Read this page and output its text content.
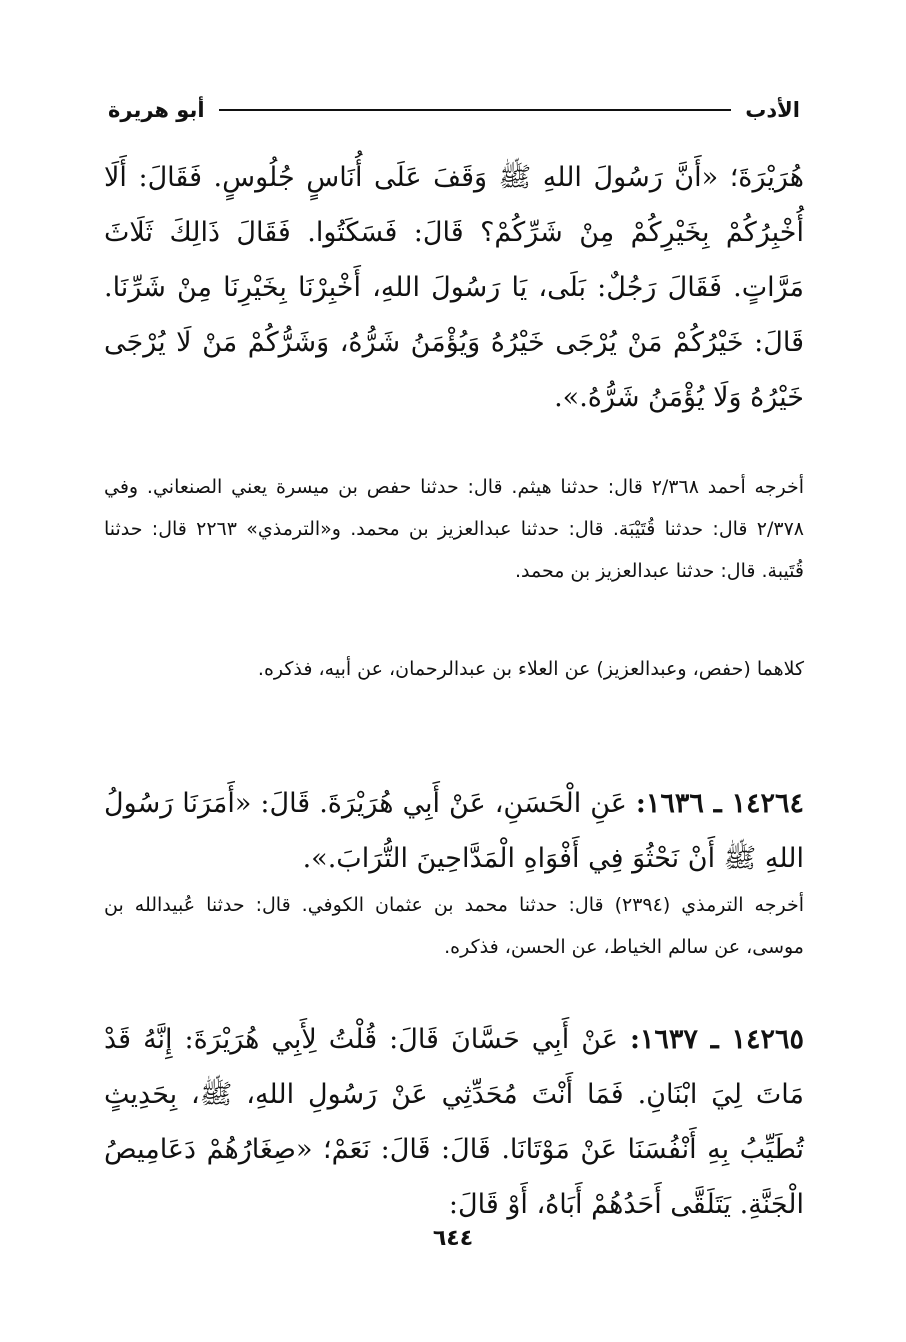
الأدب
أبو هريرة

هُرَيْرَةَ؛ «أَنَّ رَسُولَ اللهِ ﷺ وَقَفَ عَلَى أُنَاسٍ جُلُوسٍ. فَقَالَ: أَلَا أُخْبِرُكُمْ بِخَيْرِكُمْ مِنْ شَرِّكُمْ؟ قَالَ: فَسَكَتُوا. فَقَالَ ذَالِكَ ثَلَاثَ مَرَّاتٍ. فَقَالَ رَجُلٌ: بَلَى، يَا رَسُولَ اللهِ، أَخْبِرْنَا بِخَيْرِنَا مِنْ شَرِّنَا. قَالَ: خَيْرُكُمْ مَنْ يُرْجَى خَيْرُهُ وَيُؤْمَنُ شَرُّهُ، وَشَرُّكُمْ مَنْ لَا يُرْجَى خَيْرُهُ وَلَا يُؤْمَنُ شَرُّهُ.».

أخرجه أحمد ٢/٣٦٨ قال: حدثنا هيثم. قال: حدثنا حفص بن ميسرة يعني الصنعاني. وفي ٢/٣٧٨ قال: حدثنا قُتَيْبَة. قال: حدثنا عبدالعزيز بن محمد. و«الترمذي» ٢٢٦٣ قال: حدثنا قُتَيبة. قال: حدثنا عبدالعزيز بن محمد.

كلاهما (حفص، وعبدالعزيز) عن العلاء بن عبدالرحمان، عن أبيه، فذكره.

١٤٢٦٤ ـ ١٦٣٦: عَنِ الْحَسَنِ، عَنْ أَبِي هُرَيْرَةَ. قَالَ: «أَمَرَنَا رَسُولُ اللهِ ﷺ أَنْ نَحْثُوَ فِي أَفْوَاهِ الْمَدَّاحِينَ التُّرَابَ.».

أخرجه الترمذي (٢٣٩٤) قال: حدثنا محمد بن عثمان الكوفي. قال: حدثنا عُبيدالله بن موسى، عن سالم الخياط، عن الحسن، فذكره.

١٤٢٦٥ ـ ١٦٣٧: عَنْ أَبِي حَسَّانَ قَالَ: قُلْتُ لِأَبِي هُرَيْرَةَ: إِنَّهُ قَدْ مَاتَ لِيَ ابْنَانِ. فَمَا أَنْتَ مُحَدِّثِي عَنْ رَسُولِ اللهِ، ﷺ، بِحَدِيثٍ تُطَيِّبُ بِهِ أَنْفُسَنَا عَنْ مَوْتَانَا. قَالَ: قَالَ: نَعَمْ؛ «صِغَارُهُمْ دَعَامِيصُ الْجَنَّةِ. يَتَلَقَّى أَحَدُهُمْ أَبَاهُ، أَوْ قَالَ:

٦٤٤
